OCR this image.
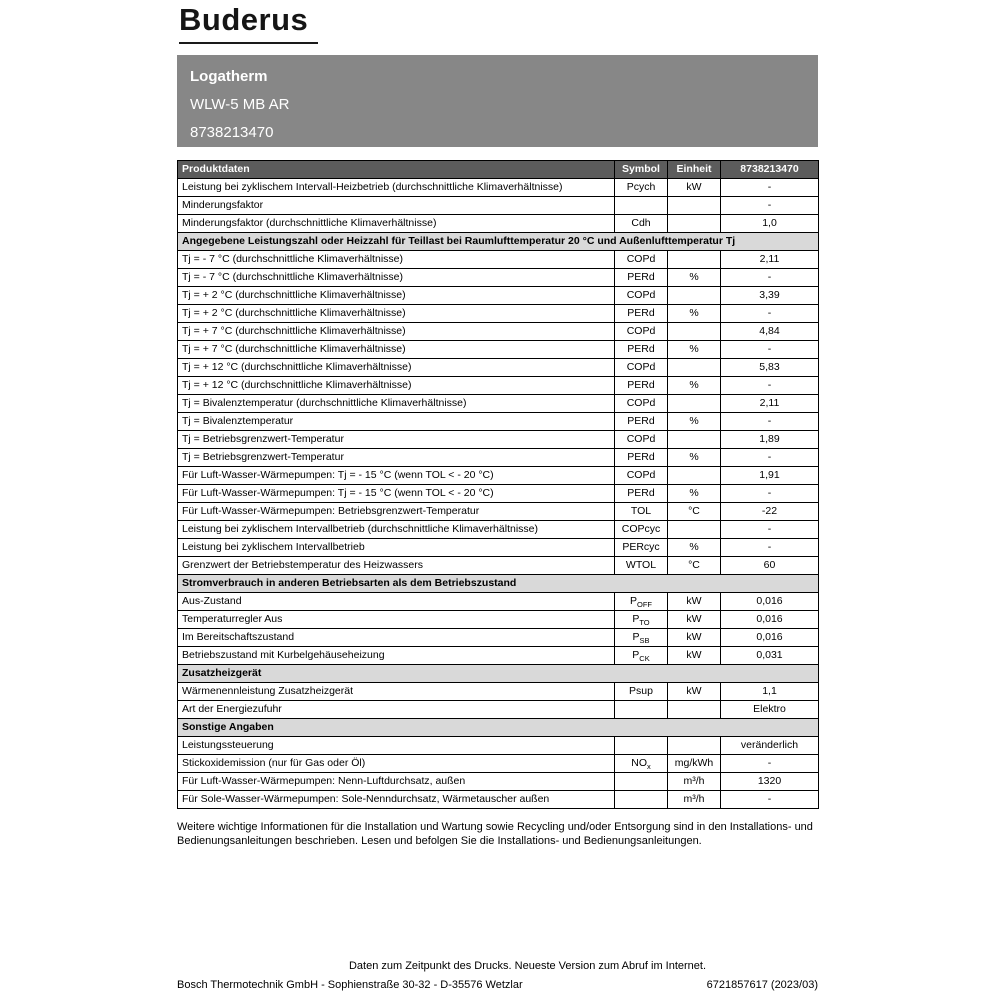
Buderus
Logatherm
WLW-5 MB AR
8738213470
Produktdaten	Symbol	Einheit	8738213470
Leistung bei zyklischem Intervall-Heizbetrieb (durchschnittliche Klimaverhältnisse)	Pcych	kW	-
Minderungsfaktor			-
Minderungsfaktor (durchschnittliche Klimaverhältnisse)	Cdh		1,0
Angegebene Leistungszahl oder Heizzahl für Teillast bei Raumlufttemperatur 20 °C und Außenlufttemperatur Tj			
Tj = - 7 °C (durchschnittliche Klimaverhältnisse)	COPd		2,11
Tj = - 7 °C (durchschnittliche Klimaverhältnisse)	PERd	%	-
Tj = + 2 °C (durchschnittliche Klimaverhältnisse)	COPd		3,39
Tj = + 2 °C (durchschnittliche Klimaverhältnisse)	PERd	%	-
Tj = + 7 °C (durchschnittliche Klimaverhältnisse)	COPd		4,84
Tj = + 7 °C (durchschnittliche Klimaverhältnisse)	PERd	%	-
Tj = + 12 °C (durchschnittliche Klimaverhältnisse)	COPd		5,83
Tj = + 12 °C (durchschnittliche Klimaverhältnisse)	PERd	%	-
Tj = Bivalenztemperatur (durchschnittliche Klimaverhältnisse)	COPd		2,11
Tj = Bivalenztemperatur	PERd	%	-
Tj = Betriebsgrenzwert-Temperatur	COPd		1,89
Tj = Betriebsgrenzwert-Temperatur	PERd	%	-
Für Luft-Wasser-Wärmepumpen: Tj = - 15 °C (wenn TOL < - 20 °C)	COPd		1,91
Für Luft-Wasser-Wärmepumpen: Tj = - 15 °C (wenn TOL < - 20 °C)	PERd	%	-
Für Luft-Wasser-Wärmepumpen: Betriebsgrenzwert-Temperatur	TOL	°C	-22
Leistung bei zyklischem Intervallbetrieb (durchschnittliche Klimaverhältnisse)	COPcyc		-
Leistung bei zyklischem Intervallbetrieb	PERcyc	%	-
Grenzwert der Betriebstemperatur des Heizwassers	WTOL	°C	60
Stromverbrauch in anderen Betriebsarten als dem Betriebszustand			
Aus-Zustand	$P_{OFF}$	kW	0,016
Temperaturregler Aus	$P_{TO}$	kW	0,016
Im Bereitschaftszustand	$P_{SB}$	kW	0,016
Betriebszustand mit Kurbelgehäuseheizung	$P_{CK}$	kW	0,031
Zusatzheizgerät			
Wärmenennleistung Zusatzheizgerät	Psup	kW	1,1
Art der Energiezufuhr			Elektro
Sonstige Angaben			
Leistungssteuerung			veränderlich
Stickoxidemission (nur für Gas oder Öl)	$NO_x$	mg/kWh	-
Für Luft-Wasser-Wärmepumpen: Nenn-Luftdurchsatz, außen		m³/h	1320
Für Sole-Wasser-Wärmepumpen: Sole-Nenndurchsatz, Wärmetauscher außen		m³/h	-
Weitere wichtige Informationen für die Installation und Wartung sowie Recycling und/oder Entsorgung sind in den Installations- und Bedienungsanleitungen beschrieben. Lesen und befolgen Sie die Installations- und Bedienungsanleitungen.
Daten zum Zeitpunkt des Drucks. Neueste Version zum Abruf im Internet.
Bosch Thermotechnik GmbH - Sophienstraße 30-32 - D-35576 Wetzlar	6721857617 (2023/03)
